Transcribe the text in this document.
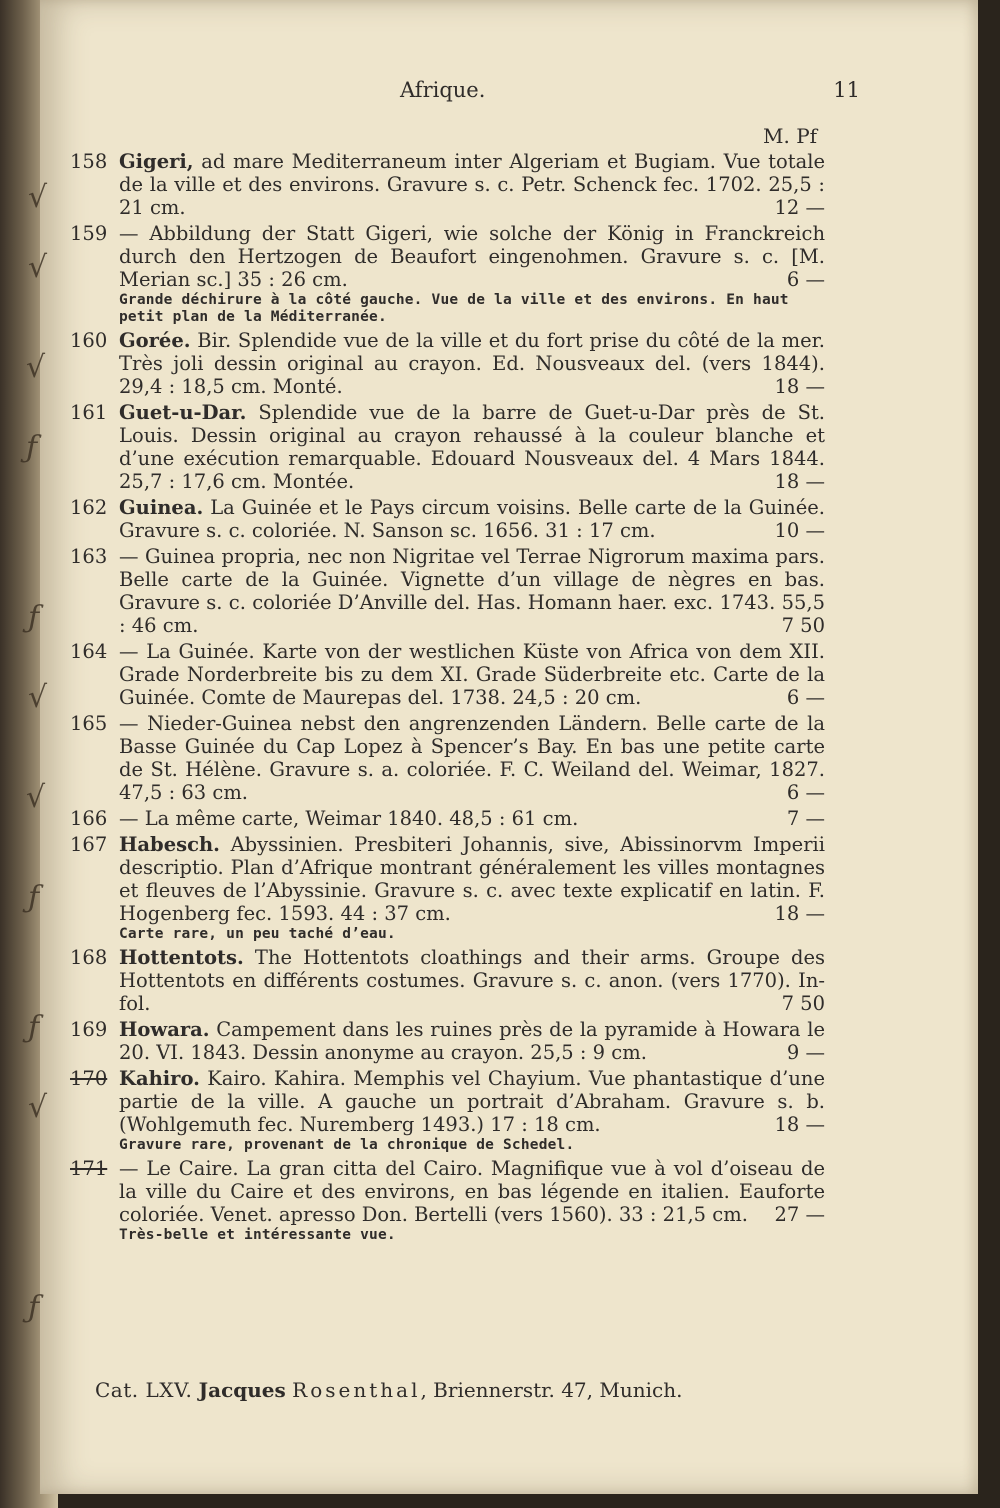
√
√
√
ƒ
ƒ
√
√
ƒ
ƒ
√
ƒ
Afrique.	11
M. Pf
158 Gigeri, ad mare Mediterraneum inter Algeriam et Bugiam. Vue totale de la ville et des environs. Gravure s. c. Petr. Schenck fec. 1702. 25,5 : 21 cm.	12 —
159 — Abbildung der Statt Gigeri, wie solche der König in Franckreich durch den Hertzogen de Beaufort eingenohmen. Gravure s. c. [M. Merian sc.] 35 : 26 cm.	6 —
Grande déchirure à la côté gauche. Vue de la ville et des environs. En haut petit plan de la Méditerranée.
160 Gorée. Bir. Splendide vue de la ville et du fort prise du côté de la mer. Très joli dessin original au crayon. Ed. Nousveaux del. (vers 1844). 29,4 : 18,5 cm. Monté.	18 —
161 Guet-u-Dar. Splendide vue de la barre de Guet-u-Dar près de St. Louis. Dessin original au crayon rehaussé à la couleur blanche et d’une exécution remarquable. Edouard Nousveaux del. 4 Mars 1844. 25,7 : 17,6 cm. Montée.	18 —
162 Guinea. La Guinée et le Pays circum voisins. Belle carte de la Guinée. Gravure s. c. coloriée. N. Sanson sc. 1656. 31 : 17 cm.	10 —
163 — Guinea propria, nec non Nigritae vel Terrae Nigrorum maxima pars. Belle carte de la Guinée. Vignette d’un village de nègres en bas. Gravure s. c. coloriée D’Anville del. Has. Homann haer. exc. 1743. 55,5 : 46 cm.	7 50
164 — La Guinée. Karte von der westlichen Küste von Africa von dem XII. Grade Norderbreite bis zu dem XI. Grade Süderbreite etc. Carte de la Guinée. Comte de Maurepas del. 1738. 24,5 : 20 cm.	6 —
165 — Nieder-Guinea nebst den angrenzenden Ländern. Belle carte de la Basse Guinée du Cap Lopez à Spencer’s Bay. En bas une petite carte de St. Hélène. Gravure s. a. coloriée. F. C. Weiland del. Weimar, 1827. 47,5 : 63 cm.	6 —
166 — La même carte, Weimar 1840. 48,5 : 61 cm.	7 —
167 Habesch. Abyssinien. Presbiteri Johannis, sive, Abissinorvm Imperii descriptio. Plan d’Afrique montrant généralement les villes montagnes et fleuves de l’Abyssinie. Gravure s. c. avec texte explicatif en latin. F. Hogenberg fec. 1593. 44 : 37 cm.	18 —
Carte rare, un peu taché d’eau.
168 Hottentots. The Hottentots cloathings and their arms. Groupe des Hottentots en différents costumes. Gravure s. c. anon. (vers 1770). In-fol.	7 50
169 Howara. Campement dans les ruines près de la pyramide à Howara le 20. VI. 1843. Dessin anonyme au crayon. 25,5 : 9 cm.	9 —
170 Kahiro. Kairo. Kahira. Memphis vel Chayium. Vue phantastique d’une partie de la ville. A gauche un portrait d’Abraham. Gravure s. b. (Wohlgemuth fec. Nuremberg 1493.) 17 : 18 cm.	18 —
Gravure rare, provenant de la chronique de Schedel.
171 — Le Caire. La gran citta del Cairo. Magnifique vue à vol d’oiseau de la ville du Caire et des environs, en bas légende en italien. Eauforte coloriée. Venet. apresso Don. Bertelli (vers 1560). 33 : 21,5 cm. 27 —
Très-belle et intéressante vue.
Cat. LXV. Jacques Rosenthal, Briennerstr. 47, Munich.
